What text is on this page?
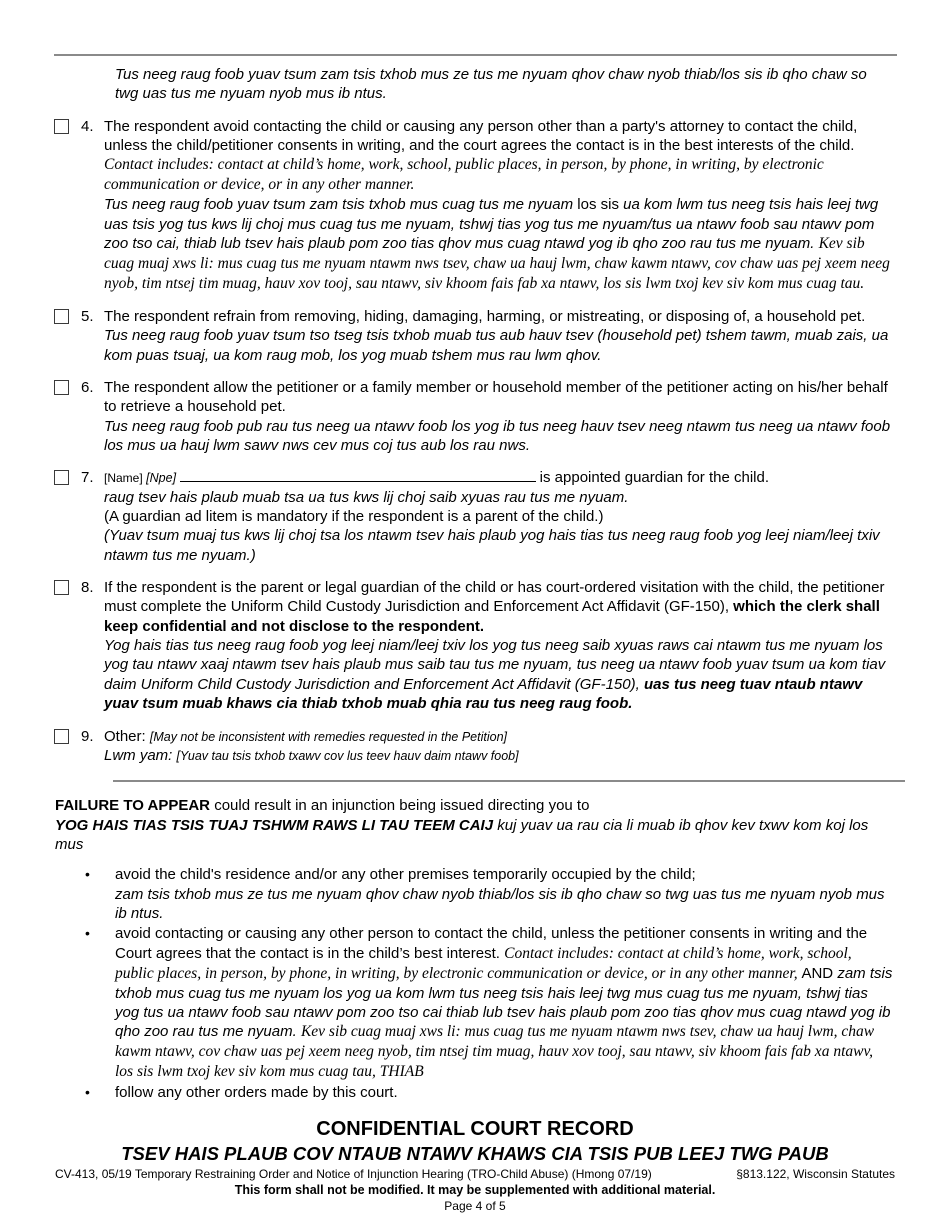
Tus neeg raug foob yuav tsum zam tsis txhob mus ze tus me nyuam qhov chaw nyob thiab/los sis ib qho chaw so twg uas tus me nyuam nyob mus ib ntus.
4. The respondent avoid contacting the child or causing any person other than a party's attorney to contact the child, unless the child/petitioner consents in writing, and the court agrees the contact is in the best interests of the child. Contact includes: contact at child’s home, work, school, public places, in person, by phone, in writing, by electronic communication or device, or in any other manner.
Tus neeg raug foob yuav tsum zam tsis txhob mus cuag tus me nyuam los sis ua kom lwm tus neeg tsis hais leej twg uas tsis yog tus kws lij choj mus cuag tus me nyuam, tshwj tias yog tus me nyuam/tus ua ntawv foob sau ntawv pom zoo tso cai, thiab lub tsev hais plaub pom zoo tias qhov mus cuag ntawd yog ib qho zoo rau tus me nyuam. Kev sib cuag muaj xws li: mus cuag tus me nyuam ntawm nws tsev, chaw ua hauj lwm, chaw kawm ntawv, cov chaw uas pej xeem neeg nyob, tim ntsej tim muag, hauv xov tooj, sau ntawv, siv khoom fais fab xa ntawv, los sis lwm txoj kev siv kom mus cuag tau.
5. The respondent refrain from removing, hiding, damaging, harming, or mistreating, or disposing of, a household pet.
Tus neeg raug foob yuav tsum tso tseg tsis txhob muab tus aub hauv tsev (household pet) tshem tawm, muab zais, ua kom puas tsuaj, ua kom raug mob, los yog muab tshem mus rau lwm qhov.
6. The respondent allow the petitioner or a family member or household member of the petitioner acting on his/her behalf to retrieve a household pet.
Tus neeg raug foob pub rau tus neeg ua ntawv foob los yog ib tus neeg hauv tsev neeg ntawm tus neeg ua ntawv foob los mus ua hauj lwm sawv nws cev mus coj tus aub los rau nws.
7. [Name] [Npe]	is appointed guardian for the child.
raug tsev hais plaub muab tsa ua tus kws lij choj saib xyuas rau tus me nyuam.
(A guardian ad litem is mandatory if the respondent is a parent of the child.)
(Yuav tsum muaj tus kws lij choj tsa los ntawm tsev hais plaub yog hais tias tus neeg raug foob yog leej niam/leej txiv ntawm tus me nyuam.)
8. If the respondent is the parent or legal guardian of the child or has court-ordered visitation with the child, the petitioner must complete the Uniform Child Custody Jurisdiction and Enforcement Act Affidavit (GF-150), which the clerk shall keep confidential and not disclose to the respondent.
Yog hais tias tus neeg raug foob yog leej niam/leej txiv los yog tus neeg saib xyuas raws cai ntawm tus me nyuam los yog tau ntawv xaaj ntawm tsev hais plaub mus saib tau tus me nyuam, tus neeg ua ntawv foob yuav tsum ua kom tiav daim Uniform Child Custody Jurisdiction and Enforcement Act Affidavit (GF-150), uas tus neeg tuav ntaub ntawv yuav tsum muab khaws cia thiab txhob muab qhia rau tus neeg raug foob.
9. Other: [May not be inconsistent with remedies requested in the Petition]
Lwm yam: [Yuav tau tsis txhob txawv cov lus teev hauv daim ntawv foob]
FAILURE TO APPEAR could result in an injunction being issued directing you to
YOG HAIS TIAS TSIS TUAJ TSHWM RAWS LI TAU TEEM CAIJ kuj yuav ua rau cia li muab ib qhov kev txwv kom koj los mus
•	avoid the child's residence and/or any other premises temporarily occupied by the child;
zam tsis txhob mus ze tus me nyuam qhov chaw nyob thiab/los sis ib qho chaw so twg uas tus me nyuam nyob mus ib ntus.
•	avoid contacting or causing any other person to contact the child, unless the petitioner consents in writing and the Court agrees that the contact is in the child’s best interest. Contact includes: contact at child’s home, work, school, public places, in person, by phone, in writing, by electronic communication or device, or in any other manner, AND zam tsis txhob mus cuag tus me nyuam los yog ua kom lwm tus neeg tsis hais leej twg mus cuag tus me nyuam, tshwj tias yog tus ua ntawv foob sau ntawv pom zoo tso cai thiab lub tsev hais plaub pom zoo tias qhov mus cuag ntawd yog ib qho zoo rau tus me nyuam. Kev sib cuag muaj xws li: mus cuag tus me nyuam ntawm nws tsev, chaw ua hauj lwm, chaw kawm ntawv, cov chaw uas pej xeem neeg nyob, tim ntsej tim muag, hauv xov tooj, sau ntawv, siv khoom fais fab xa ntawv, los sis lwm txoj kev siv kom mus cuag tau, THIAB
•	follow any other orders made by this court.
CONFIDENTIAL COURT RECORD
TSEV HAIS PLAUB COV NTAUB NTAWV KHAWS CIA TSIS PUB LEEJ TWG PAUB
CV-413, 05/19 Temporary Restraining Order and Notice of Injunction Hearing (TRO-Child Abuse) (Hmong 07/19)	§813.122, Wisconsin Statutes
This form shall not be modified. It may be supplemented with additional material.
Page 4 of 5
